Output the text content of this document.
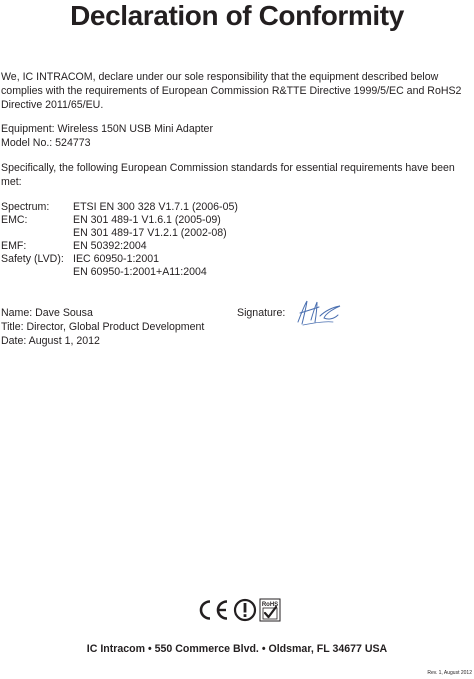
Declaration of Conformity
We, IC INTRACOM, declare under our sole responsibility that the equipment described below
complies with the requirements of European Commission R&TTE Directive 1999/5/EC and RoHS2
Directive 2011/65/EU.
Equipment: Wireless 150N USB Mini Adapter
Model No.: 524773
Specifically, the following European Commission standards for essential requirements have been
met:
Spectrum: ETSI EN 300 328 V1.7.1 (2006-05)
EMC:	EN 301 489-1 V1.6.1 (2005-09)
EN 301 489-17 V1.2.1 (2002-08)
EMF:	EN 50392:2004
Safety (LVD): IEC 60950-1:2001
EN 60950-1:2001+A11:2004
Name: Dave Sousa
Title: Director, Global Product Development
Date: August 1, 2012
Signature:
RoHS
IC Intracom • 550 Commerce Blvd. • Oldsmar, FL 34677 USA
Rev. 1, August 2012
